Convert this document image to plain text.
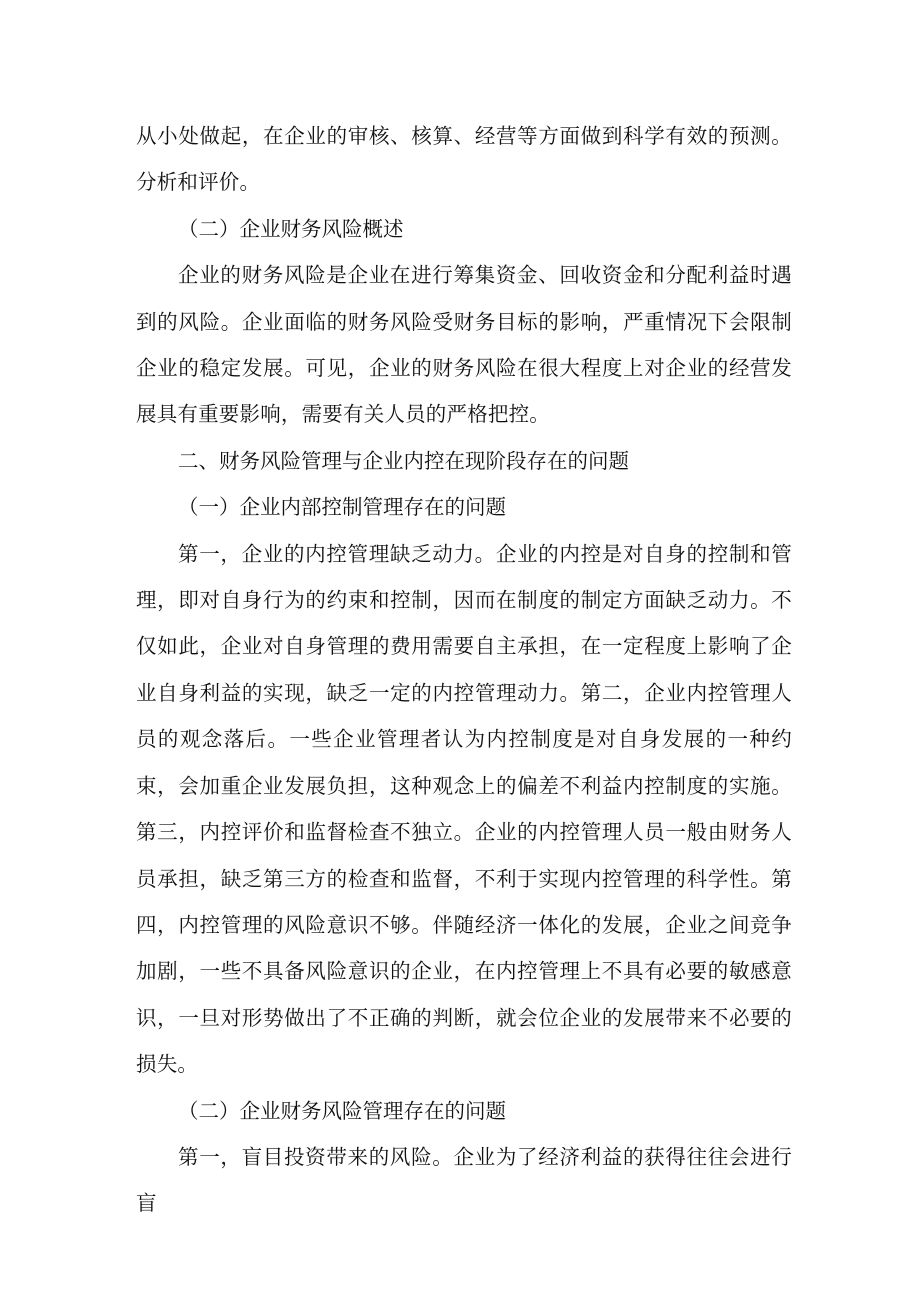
从小处做起，在企业的审核、核算、经营等方面做到科学有效的预测。分析和评价。

（二）企业财务风险概述

企业的财务风险是企业在进行筹集资金、回收资金和分配利益时遇到的风险。企业面临的财务风险受财务目标的影响，严重情况下会限制企业的稳定发展。可见，企业的财务风险在很大程度上对企业的经营发展具有重要影响，需要有关人员的严格把控。

二、财务风险管理与企业内控在现阶段存在的问题

（一）企业内部控制管理存在的问题

第一，企业的内控管理缺乏动力。企业的内控是对自身的控制和管理，即对自身行为的约束和控制，因而在制度的制定方面缺乏动力。不仅如此，企业对自身管理的费用需要自主承担，在一定程度上影响了企业自身利益的实现，缺乏一定的内控管理动力。第二，企业内控管理人员的观念落后。一些企业管理者认为内控制度是对自身发展的一种约束，会加重企业发展负担，这种观念上的偏差不利益内控制度的实施。第三，内控评价和监督检查不独立。企业的内控管理人员一般由财务人员承担，缺乏第三方的检查和监督，不利于实现内控管理的科学性。第四，内控管理的风险意识不够。伴随经济一体化的发展，企业之间竞争加剧，一些不具备风险意识的企业，在内控管理上不具有必要的敏感意识，一旦对形势做出了不正确的判断，就会位企业的发展带来不必要的损失。

（二）企业财务风险管理存在的问题

第一，盲目投资带来的风险。企业为了经济利益的获得往往会进行盲
